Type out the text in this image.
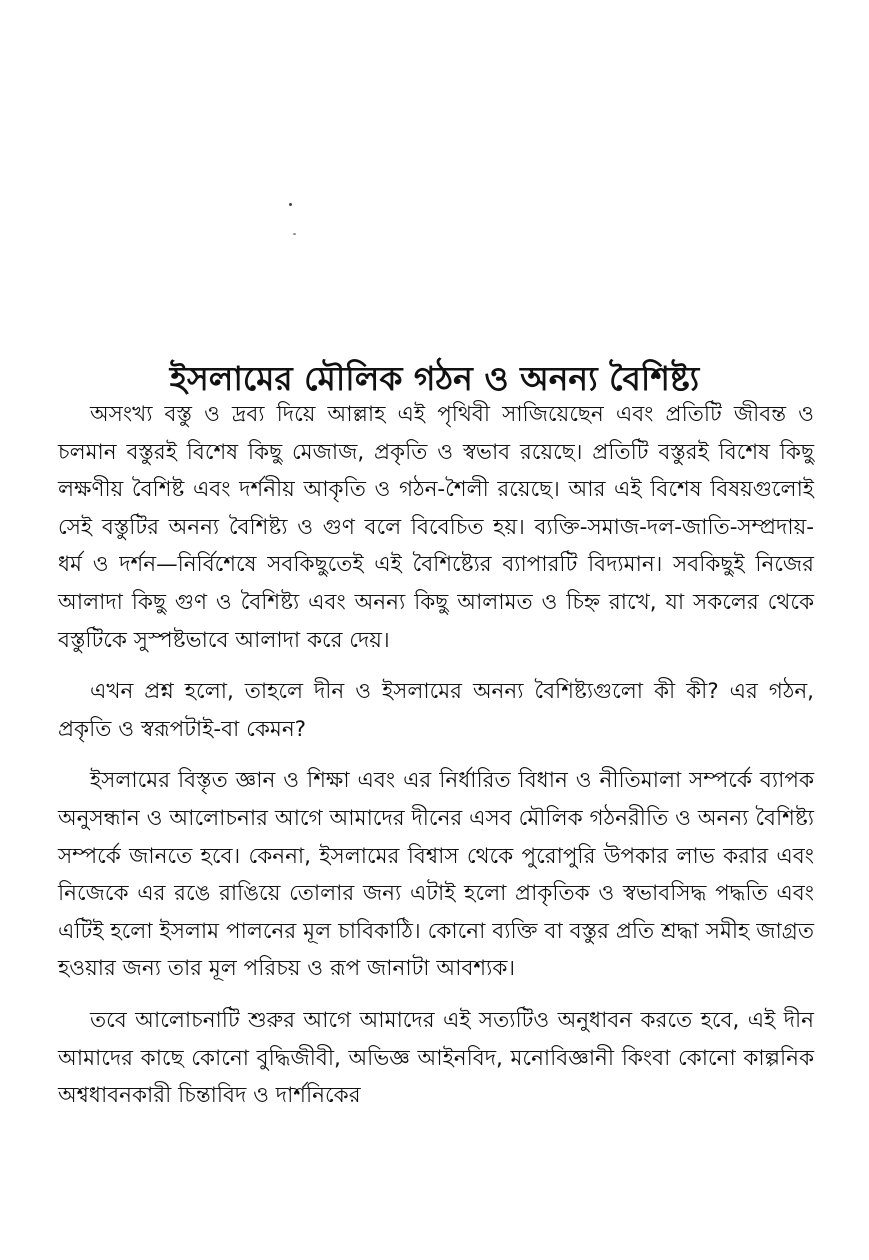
ইসলামের মৌলিক গঠন ও অনন্য বৈশিষ্ট্য

অসংখ্য বস্তু ও দ্রব্য দিয়ে আল্লাহ এই পৃথিবী সাজিয়েছেন এবং প্রতিটি জীবন্ত ও চলমান বস্তুরই বিশেষ কিছু মেজাজ, প্রকৃতি ও স্বভাব রয়েছে। প্রতিটি বস্তুরই বিশেষ কিছু লক্ষণীয় বৈশিষ্ট এবং দর্শনীয় আকৃতি ও গঠন-শৈলী রয়েছে। আর এই বিশেষ বিষয়গুলোই সেই বস্তুটির অনন্য বৈশিষ্ট্য ও গুণ বলে বিবেচিত হয়। ব্যক্তি-সমাজ-দল-জাতি-সম্প্রদায়- ধর্ম ও দর্শন—নির্বিশেষে সবকিছুতেই এই বৈশিষ্ট্যের ব্যাপারটি বিদ্যমান। সবকিছুই নিজের আলাদা কিছু গুণ ও বৈশিষ্ট্য এবং অনন্য কিছু আলামত ও চিহ্ন রাখে, যা সকলের থেকে বস্তুটিকে সুস্পষ্টভাবে আলাদা করে দেয়।

এখন প্রশ্ন হলো, তাহলে দীন ও ইসলামের অনন্য বৈশিষ্ট্যগুলো কী কী? এর গঠন, প্রকৃতি ও স্বরূপটাই-বা কেমন?

ইসলামের বিস্তৃত জ্ঞান ও শিক্ষা এবং এর নির্ধারিত বিধান ও নীতিমালা সম্পর্কে ব্যাপক অনুসন্ধান ও আলোচনার আগে আমাদের দীনের এসব মৌলিক গঠনরীতি ও অনন্য বৈশিষ্ট্য সম্পর্কে জানতে হবে। কেননা, ইসলামের বিশ্বাস থেকে পুরোপুরি উপকার লাভ করার এবং নিজেকে এর রঙে রাঙিয়ে তোলার জন্য এটাই হলো প্রাকৃতিক ও স্বভাবসিদ্ধ পদ্ধতি এবং এটিই হলো ইসলাম পালনের মূল চাবিকাঠি। কোনো ব্যক্তি বা বস্তুর প্রতি শ্রদ্ধা সমীহ জাগ্রত হওয়ার জন্য তার মূল পরিচয় ও রূপ জানাটা আবশ্যক।

তবে আলোচনাটি শুরুর আগে আমাদের এই সত্যটিও অনুধাবন করতে হবে, এই দীন আমাদের কাছে কোনো বুদ্ধিজীবী, অভিজ্ঞ আইনবিদ, মনোবিজ্ঞানী কিংবা কোনো কাল্পনিক অশ্বধাবনকারী চিন্তাবিদ ও দার্শনিকের
